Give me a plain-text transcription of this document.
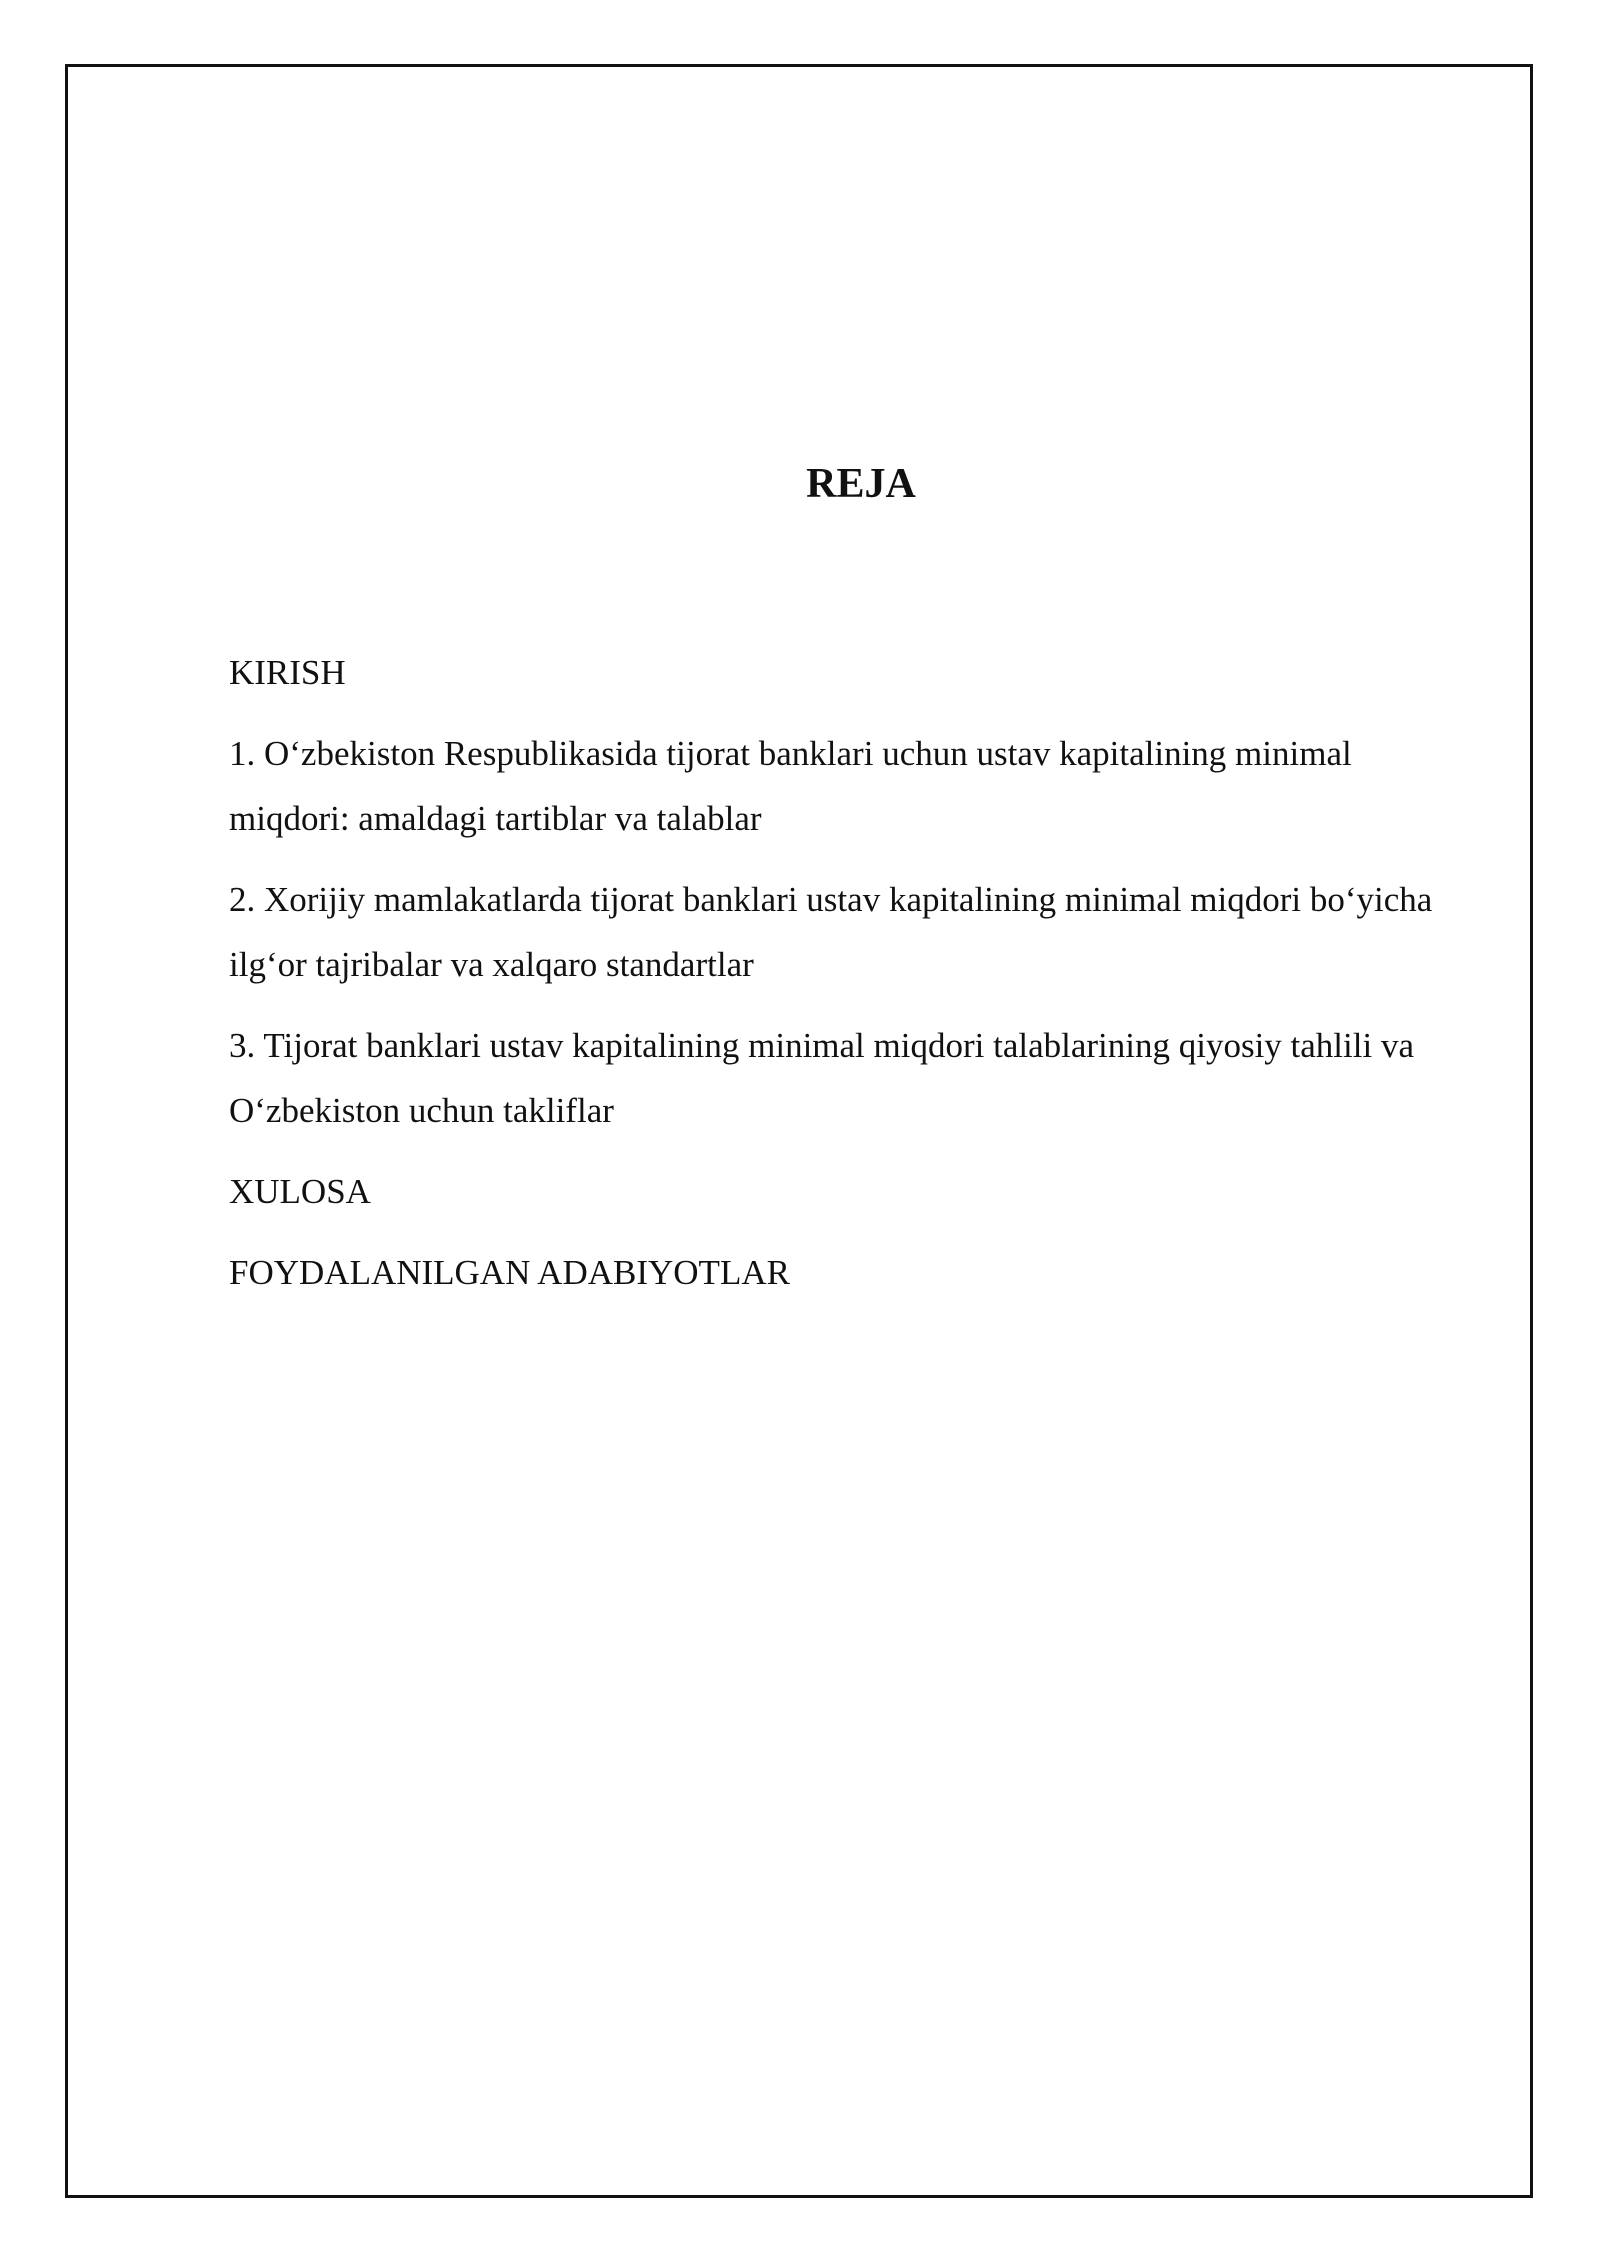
REJA

KIRISH

1. O‘zbekiston Respublikasida tijorat banklari uchun ustav kapitalining minimal miqdori: amaldagi tartiblar va talablar

2. Xorijiy mamlakatlarda tijorat banklari ustav kapitalining minimal miqdori bo‘yicha ilg‘or tajribalar va xalqaro standartlar

3. Tijorat banklari ustav kapitalining minimal miqdori talablarining qiyosiy tahlili va O‘zbekiston uchun takliflar

XULOSA

FOYDALANILGAN ADABIYOTLAR
